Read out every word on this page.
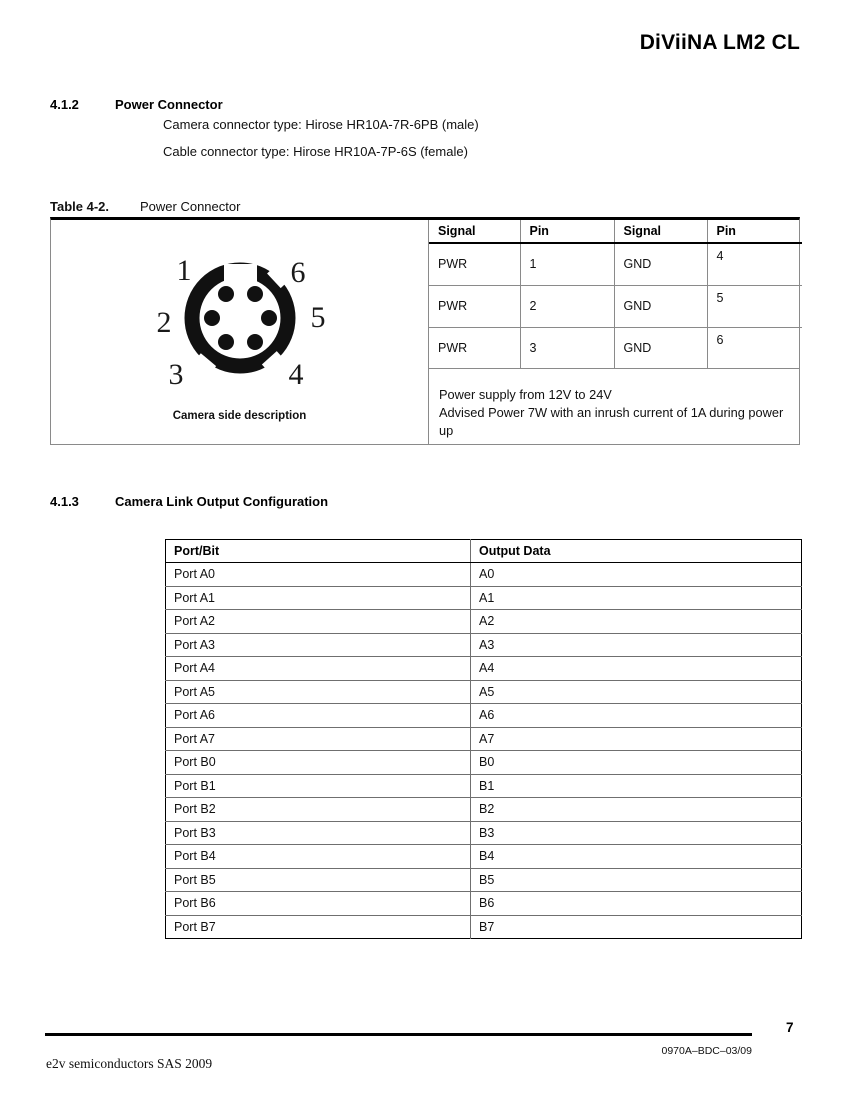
DiViiNA LM2 CL
4.1.2	Power Connector
Camera connector type: Hirose HR10A-7R-6PB (male)
Cable connector type: Hirose HR10A-7P-6S (female)
Table 4-2. Power Connector
1	6
2	5
3	4
Camera side description
Signal	Pin	Signal	Pin
PWR	1	GND	4
PWR	2	GND	5
PWR	3	GND	6
Power supply from 12V to 24V
Advised Power 7W with an inrush current of 1A during power up
4.1.3	Camera Link Output Configuration
Port/Bit	Output Data
Port A0	A0
Port A1	A1
Port A2	A2
Port A3	A3
Port A4	A4
Port A5	A5
Port A6	A6
Port A7	A7
Port B0	B0
Port B1	B1
Port B2	B2
Port B3	B3
Port B4	B4
Port B5	B5
Port B6	B6
Port B7	B7
7
0970A–BDC–03/09
e2v semiconductors SAS 2009
